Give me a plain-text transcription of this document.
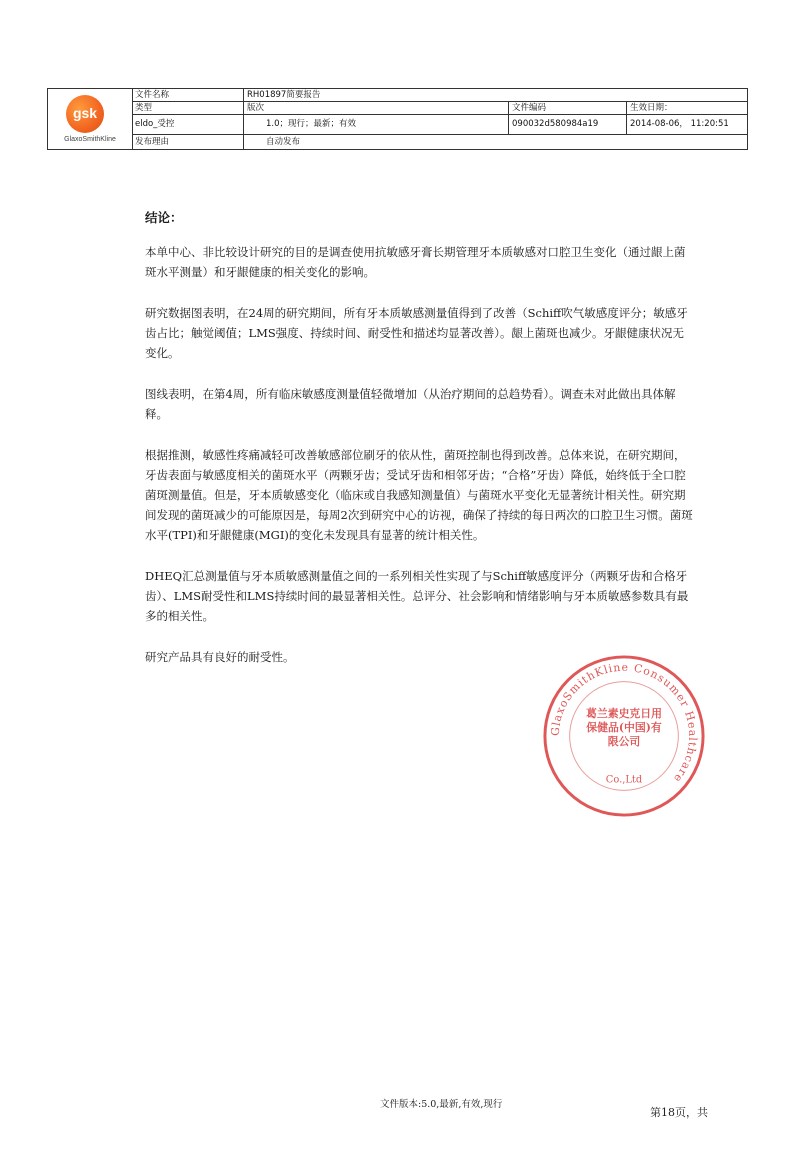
gsk
GlaxoSmithKline
文件名称	RH01897简要报告
类型	版次	文件编码	生效日期：
eldo_受控	1.0；现行；最新；有效	090032d580984a19	2014-08-06， 11:20:51
发布理由	自动发布
结论：

本单中心、非比较设计研究的目的是调查使用抗敏感牙膏长期管理牙本质敏感对口腔卫生变化（通过龈上菌斑水平测量）和牙龈健康的相关变化的影响。

研究数据图表明，在24周的研究期间，所有牙本质敏感测量值得到了改善（Schiff吹气敏感度评分；敏感牙齿占比；触觉阈值；LMS强度、持续时间、耐受性和描述均显著改善）。龈上菌斑也减少。牙龈健康状况无变化。

图线表明，在第4周，所有临床敏感度测量值轻微增加（从治疗期间的总趋势看）。调查未对此做出具体解释。

根据推测，敏感性疼痛减轻可改善敏感部位刷牙的依从性，菌斑控制也得到改善。总体来说，在研究期间，牙齿表面与敏感度相关的菌斑水平（两颗牙齿；受试牙齿和相邻牙齿；“合格”牙齿）降低，始终低于全口腔菌斑测量值。但是，牙本质敏感变化（临床或自我感知测量值）与菌斑水平变化无显著统计相关性。研究期间发现的菌斑减少的可能原因是，每周2次到研究中心的访视，确保了持续的每日两次的口腔卫生习惯。菌斑水平(TPI)和牙龈健康(MGI)的变化未发现具有显著的统计相关性。

DHEQ汇总测量值与牙本质敏感测量值之间的一系列相关性实现了与Schiff敏感度评分（两颗牙齿和合格牙齿）、LMS耐受性和LMS持续时间的最显著相关性。总评分、社会影响和情绪影响与牙本质敏感参数具有最多的相关性。

研究产品具有良好的耐受性。

GlaxoSmithKline Consumer Healthcare
葛兰素史克日用保健品(中国)有限公司
Co.,Ltd
文件版本:5.0,最新,有效,现行
第18页，共
